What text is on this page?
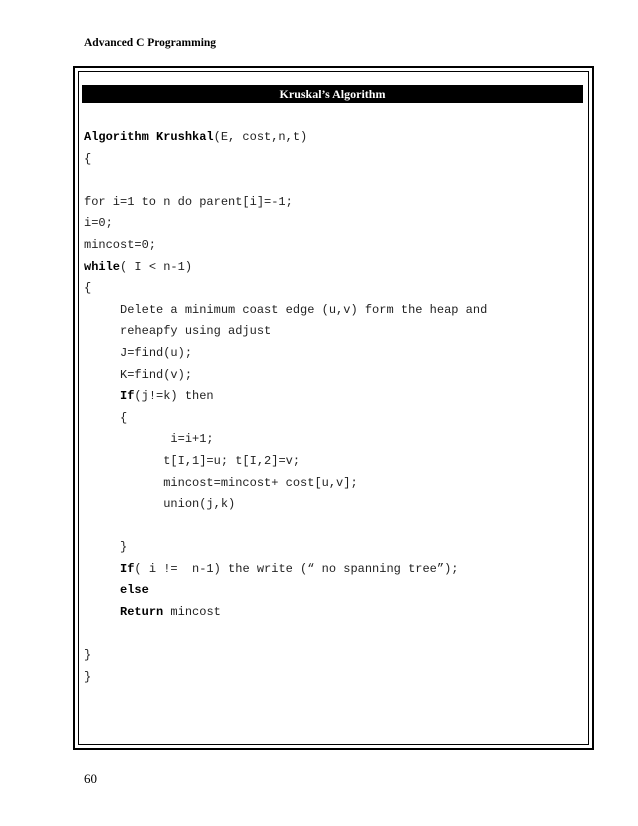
Advanced C Programming
Kruskal’s Algorithm
Algorithm Krushkal(E, cost,n,t)
{
for i=1 to n do parent[i]=-1;
i=0;
mincost=0;
while( I < n-1)
{
Delete a minimum coast edge (u,v) form the heap and
reheapfy using adjust
J=find(u);
K=find(v);
If(j!=k) then
{
i=i+1;
t[I,1]=u; t[I,2]=v;
mincost=mincost+ cost[u,v];
union(j,k)
}
If( i !=  n-1) the write (“ no spanning tree”);
else
Return mincost
}
}
60
